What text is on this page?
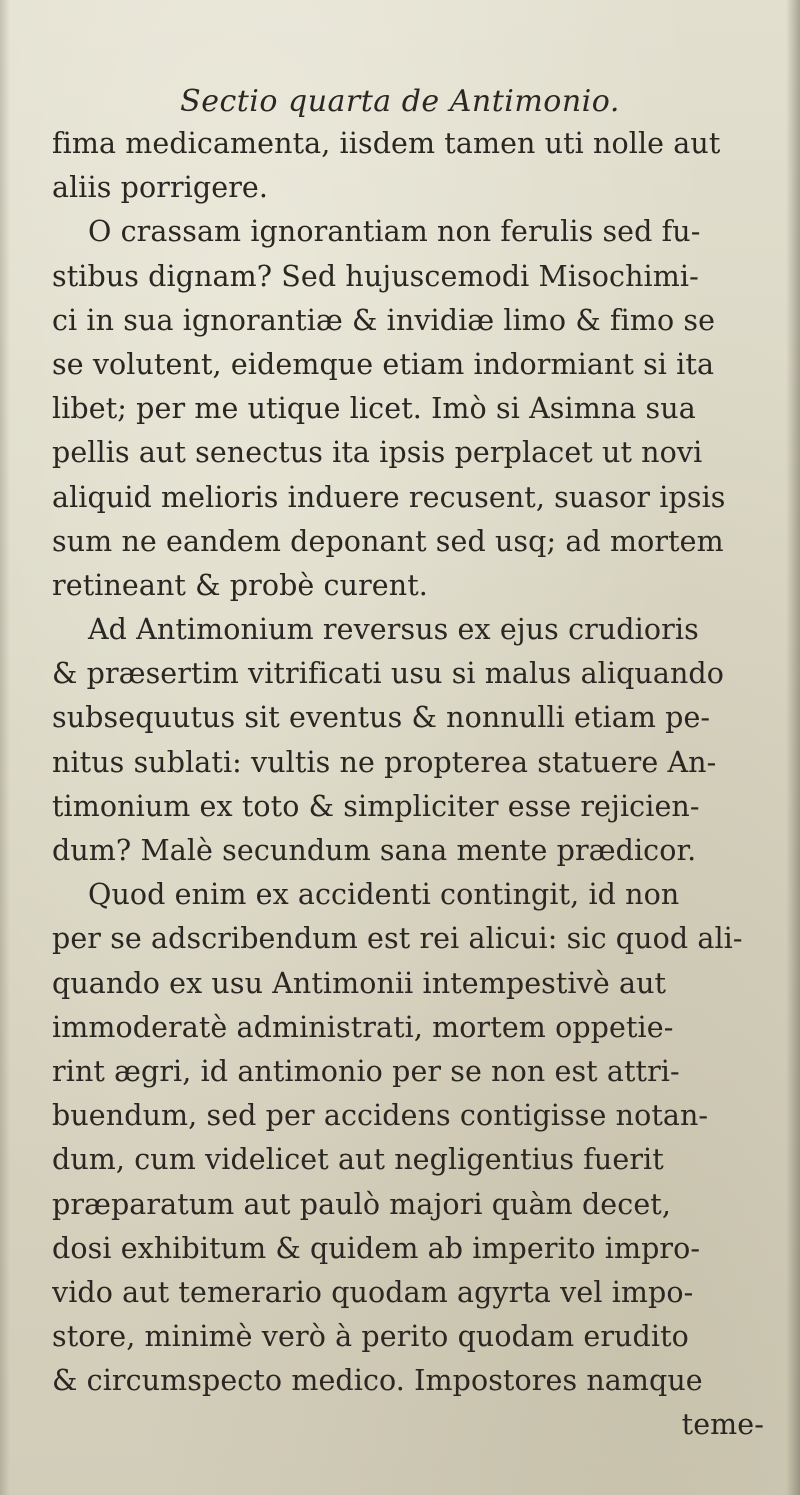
Sectio quarta de Antimonio.
fima medicamenta, iisdem tamen uti nolle aut
aliis porrigere.
O crassam ignorantiam non ferulis sed fu-
stibus dignam? Sed hujuscemodi Misochimi-
ci in sua ignorantiæ & invidiæ limo & fimo se
se volutent, eidemque etiam indormiant si ita
libet; per me utique licet. Imò si Asimna sua
pellis aut senectus ita ipsis perplacet ut novi
aliquid melioris induere recusent, suasor ipsis
sum ne eandem deponant sed usq; ad mortem
retineant & probè curent.
Ad Antimonium reversus ex ejus crudioris
& præsertim vitrificati usu si malus aliquando
subsequutus sit eventus & nonnulli etiam pe-
nitus sublati: vultis ne propterea statuere An-
timonium ex toto & simpliciter esse rejicien-
dum? Malè secundum sana mente prædicor.
Quod enim ex accidenti contingit, id non
per se adscribendum est rei alicui: sic quod ali-
quando ex usu Antimonii intempestivè aut
immoderatè administrati, mortem oppetie-
rint ægri, id antimonio per se non est attri-
buendum, sed per accidens contigisse notan-
dum, cum videlicet aut negligentius fuerit
præparatum aut paulò majori quàm decet,
dosi exhibitum & quidem ab imperito impro-
vido aut temerario quodam agyrta vel impo-
store, minimè verò à perito quodam erudito
& circumspecto medico. Impostores namque
teme-
